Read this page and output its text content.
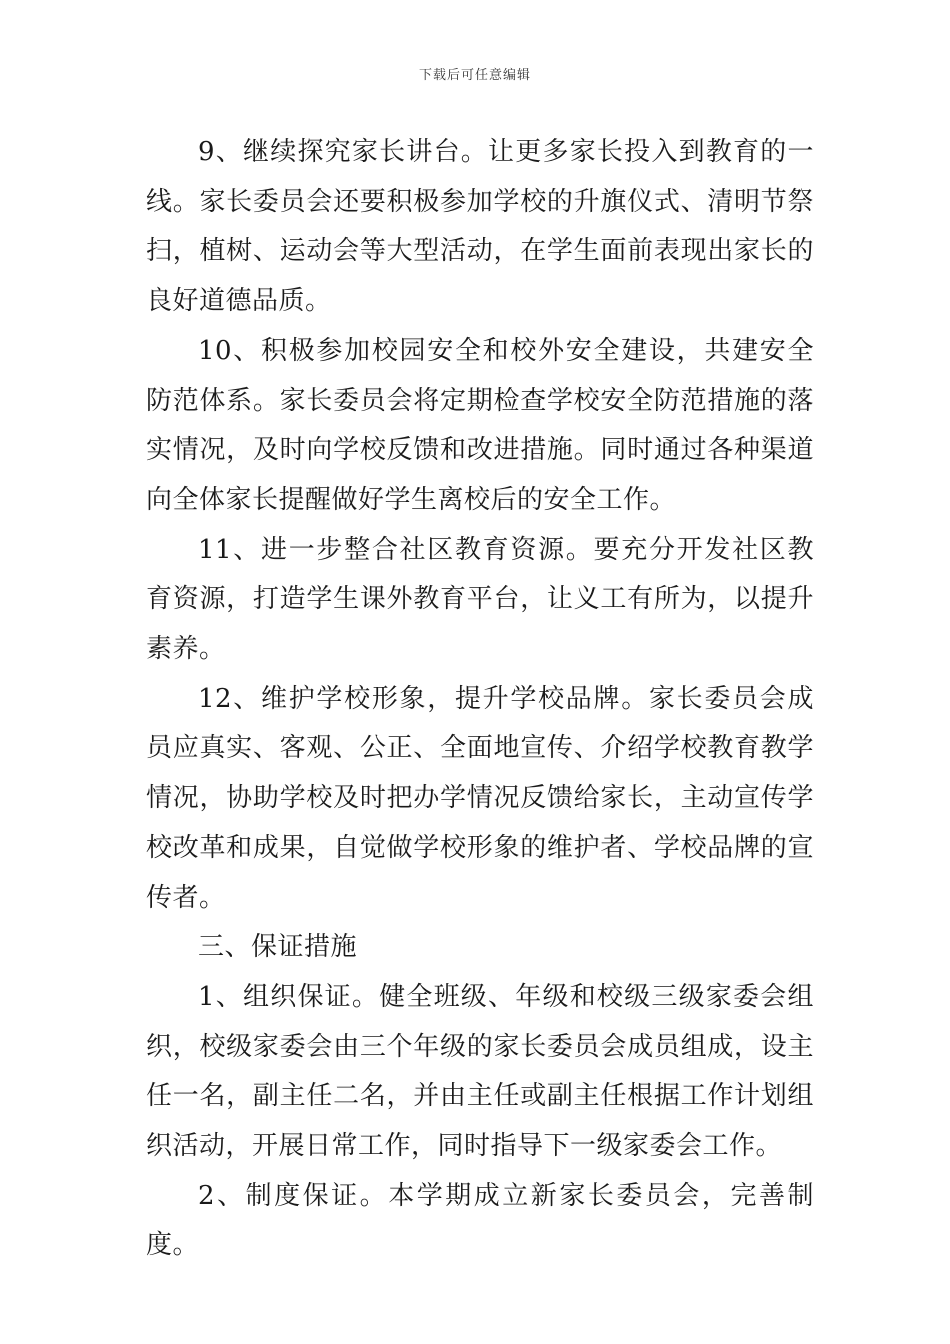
下载后可任意编辑

9、继续探究家长讲台。让更多家长投入到教育的一线。家长委员会还要积极参加学校的升旗仪式、清明节祭扫，植树、运动会等大型活动，在学生面前表现出家长的良好道德品质。

10、积极参加校园安全和校外安全建设，共建安全防范体系。家长委员会将定期检查学校安全防范措施的落实情况，及时向学校反馈和改进措施。同时通过各种渠道向全体家长提醒做好学生离校后的安全工作。

11、进一步整合社区教育资源。要充分开发社区教育资源，打造学生课外教育平台，让义工有所为，以提升素养。

12、维护学校形象，提升学校品牌。家长委员会成员应真实、客观、公正、全面地宣传、介绍学校教育教学情况，协助学校及时把办学情况反馈给家长，主动宣传学校改革和成果，自觉做学校形象的维护者、学校品牌的宣传者。

三、保证措施

1、组织保证。健全班级、年级和校级三级家委会组织，校级家委会由三个年级的家长委员会成员组成，设主任一名，副主任二名，并由主任或副主任根据工作计划组织活动，开展日常工作，同时指导下一级家委会工作。

2、制度保证。本学期成立新家长委员会，完善制度。
